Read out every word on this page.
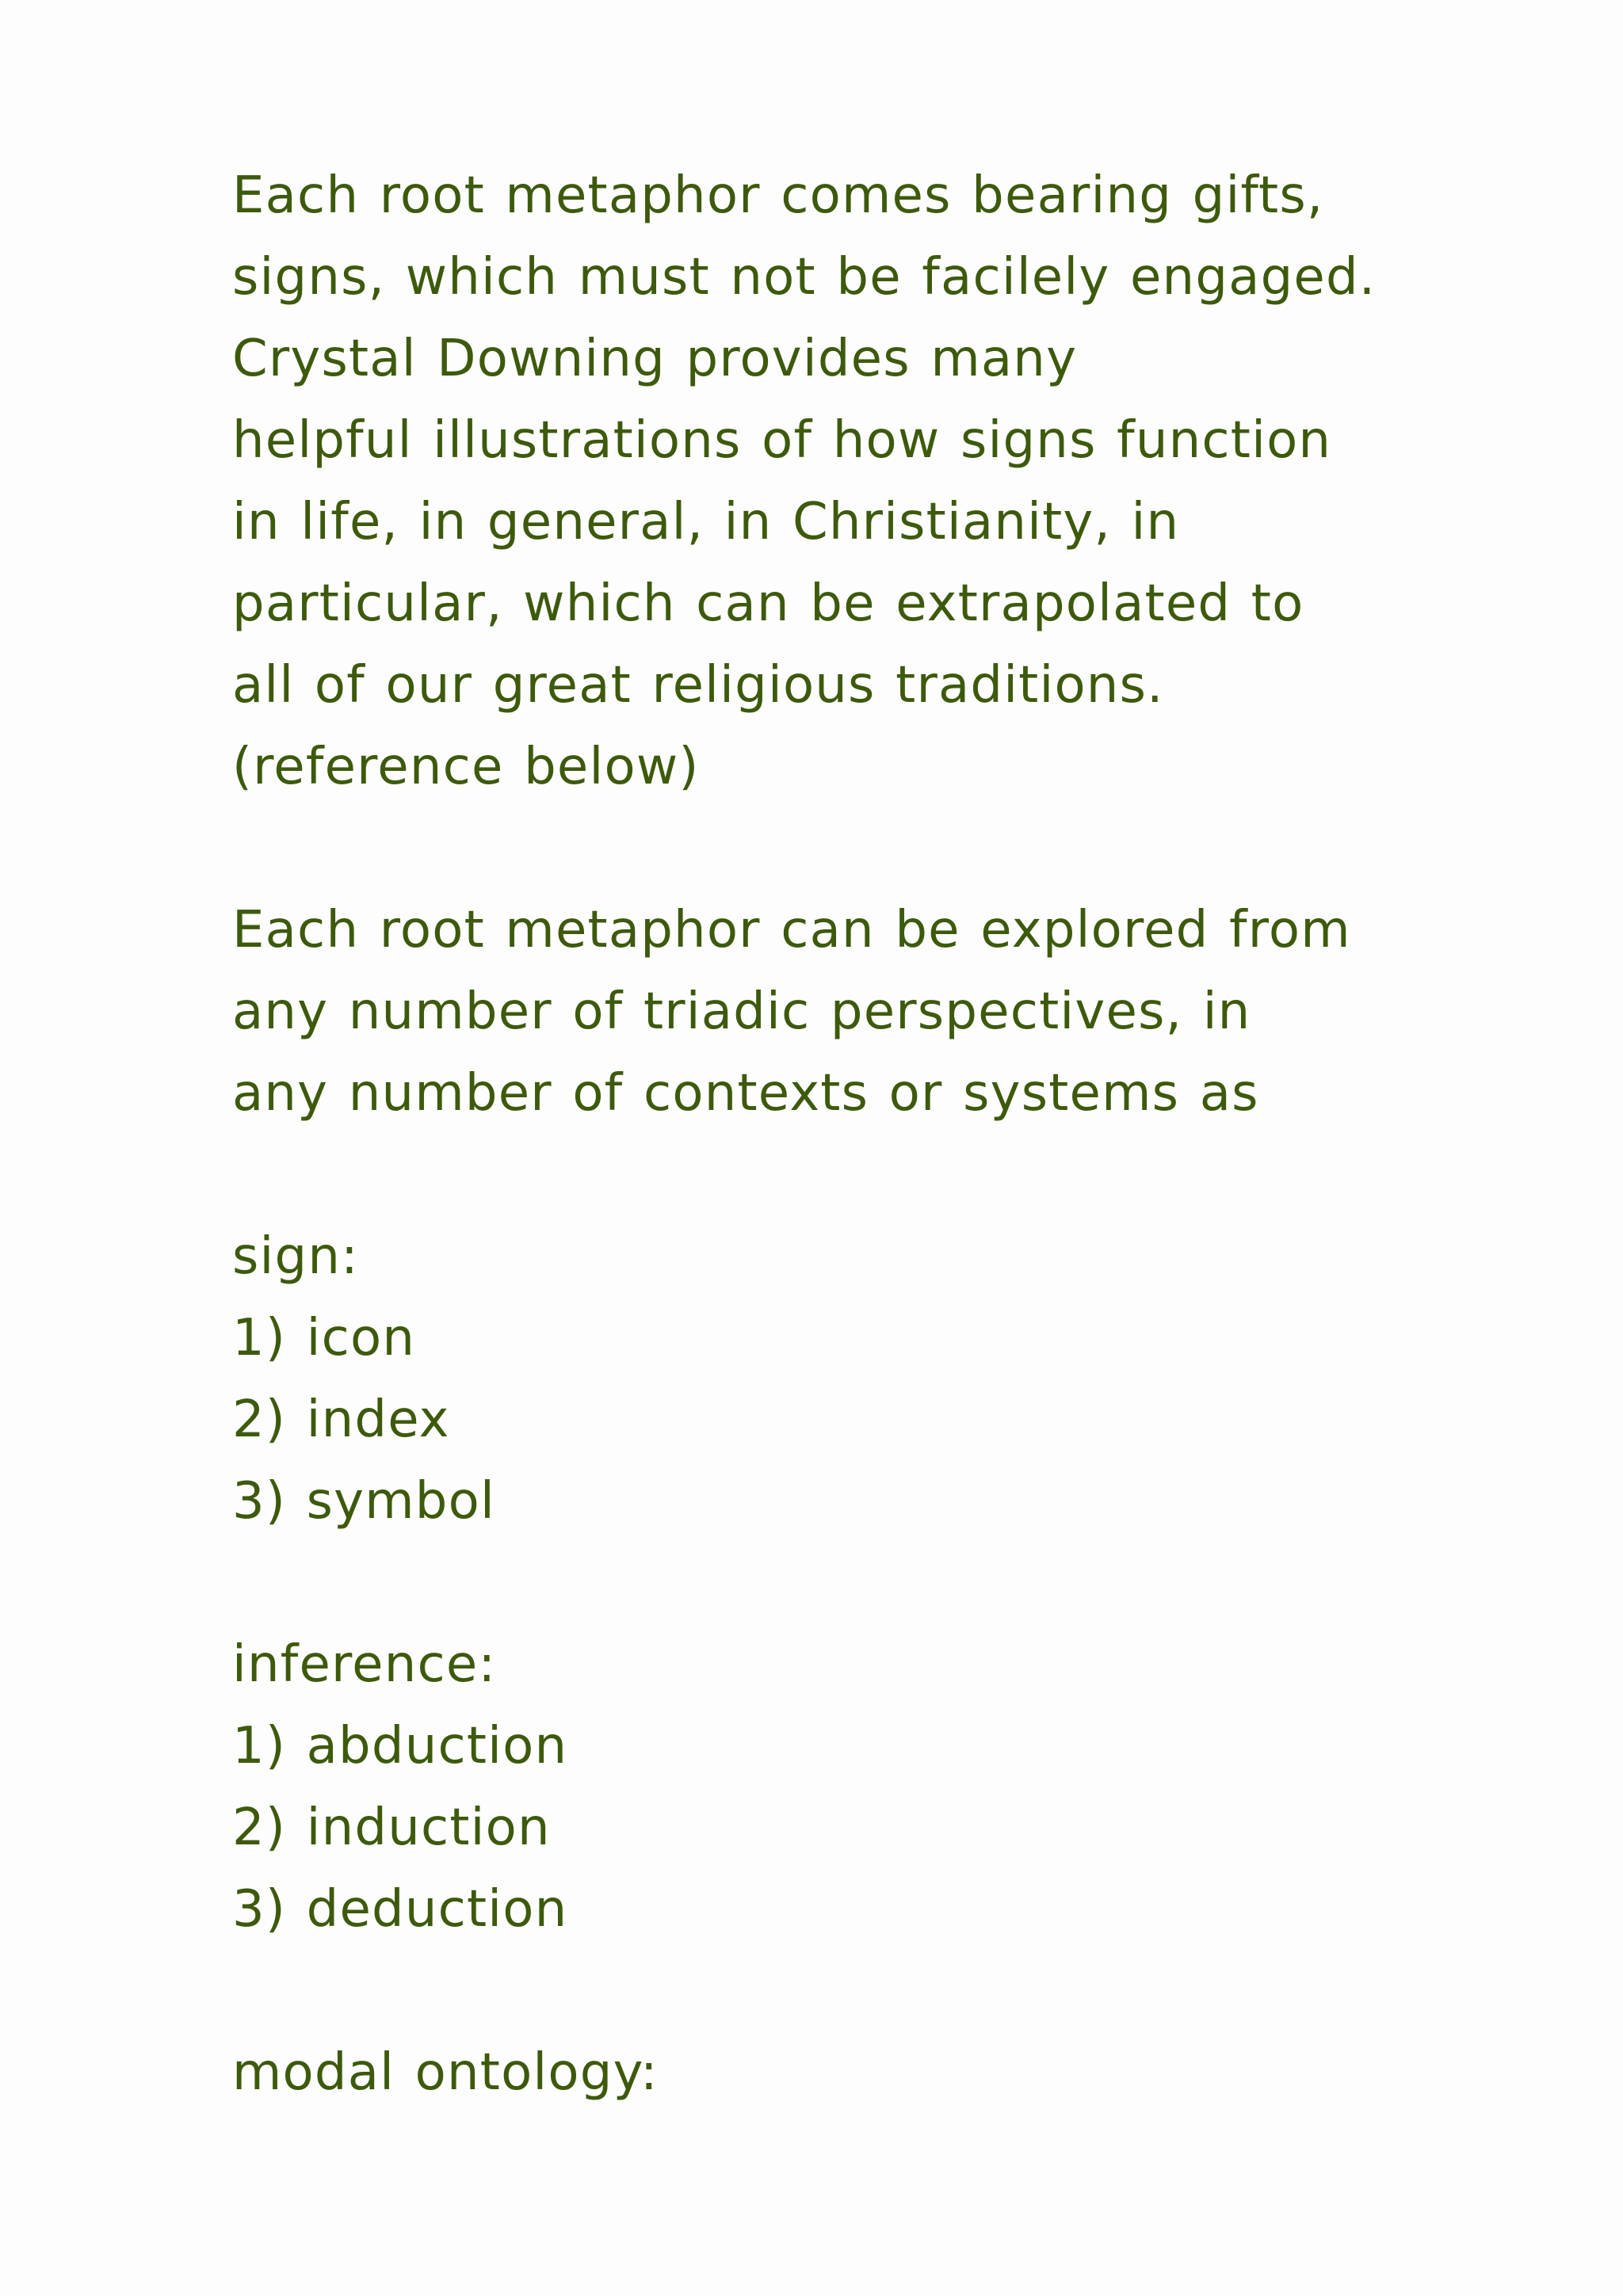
Each root metaphor comes bearing gifts,
signs, which must not be facilely engaged.
Crystal Downing provides many
helpful illustrations of how signs function
in life, in general, in Christianity, in
particular, which can be extrapolated to
all of our great religious traditions.
(reference below)
Each root metaphor can be explored from
any number of triadic perspectives, in
any number of contexts or systems as
sign:
1) icon
2) index
3) symbol
inference:
1) abduction
2) induction
3) deduction
modal ontology:
